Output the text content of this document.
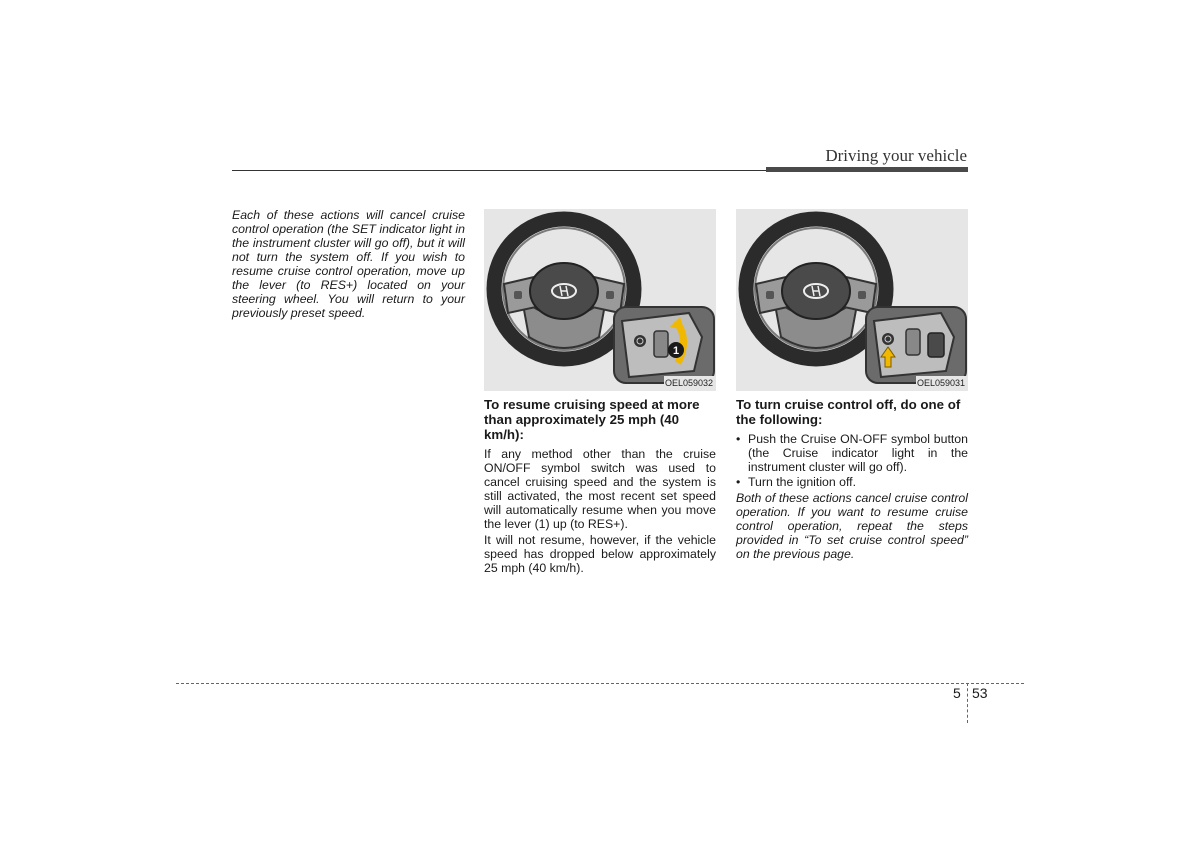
Driving your vehicle

Each of these actions will cancel cruise control operation (the SET indicator light in the instrument cluster will go off), but it will not turn the system off. If you wish to resume cruise control operation, move up the lever (to RES+) located on your steering wheel. You will return to your previously preset speed.

1
OEL059032
To resume cruising speed at more than approximately 25 mph (40 km/h):

If any method other than the cruise ON/OFF symbol switch was used to cancel cruising speed and the system is still activated, the most recent set speed will automatically resume when you move the lever (1) up (to RES+).

It will not resume, however, if the vehicle speed has dropped below approximately 25 mph (40 km/h).

OEL059031
To turn cruise control off, do one of the following:
• Push the Cruise ON-OFF symbol button (the Cruise indicator light in the instrument cluster will go off).
• Turn the ignition off.

Both of these actions cancel cruise control operation. If you want to resume cruise control operation, repeat the steps provided in “To set cruise control speed” on the previous page.

5 53
